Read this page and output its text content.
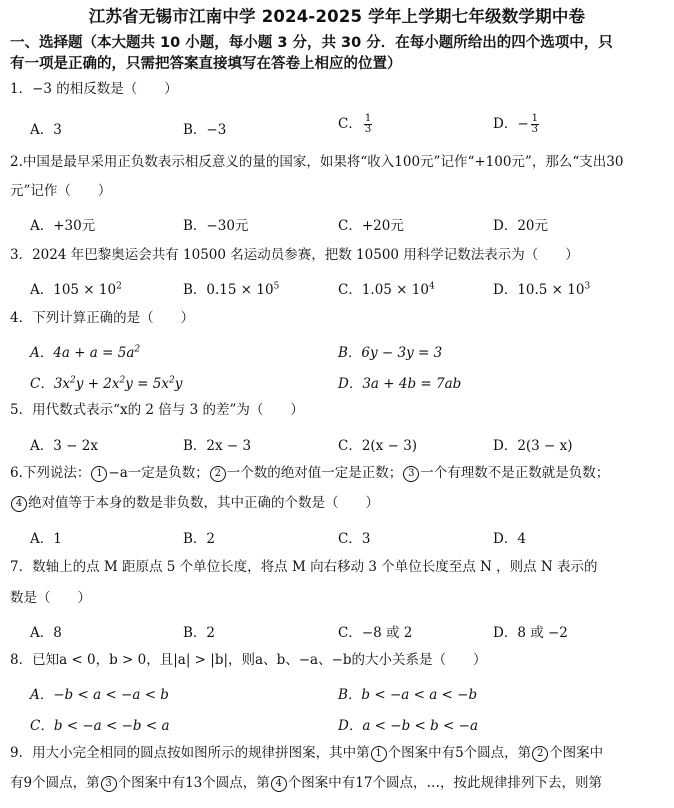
江苏省无锡市江南中学 2024-2025 学年上学期七年级数学期中卷
一、选择题（本大题共 10 小题，每小题 3 分，共 30 分．在每小题所给出的四个选项中，只
有一项是正确的，只需把答案直接填写在答卷上相应的位置）
1．−3 的相反数是（　　）
A．3	B．−3	C． $\frac{1}{3}$	D．− $\frac{1}{3}$
2.中国是最早采用正负数表示相反意义的量的国家，如果将“收入100元”记作“+100元”，那么“支出30
元”记作（　　）
A．+30元	B．−30元	C．+20元	D．20元
3．2024 年巴黎奥运会共有 10500 名运动员参赛，把数 10500 用科学记数法表示为（　　）
A．$105 \times 10^2$	B．$0.15 \times 10^5$	C．$1.05 \times 10^4$	D．$10.5 \times 10^3$
4．下列计算正确的是（　　）
A．$4a + a = 5a^2$	B．6y − 3y = 3
C．$3x^2y + 2x^2y = 5x^2y$	D．3a + 4b = 7ab
5．用代数式表示“x的 2 倍与 3 的差”为（　　）
A．3 − 2x	B．2x − 3	C．2(x − 3)	D．2(3 − x)
6.下列说法： 1 −a一定是负数； 2 一个数的绝对值一定是正数； 3 一个有理数不是正数就是负数；
4 绝对值等于本身的数是非负数，其中正确的个数是（　　）
A．1	B．2	C．3	D．4
7．数轴上的点 M 距原点 5 个单位长度，将点 M 向右移动 3 个单位长度至点 N ，则点 N 表示的
数是（　　）
A．8	B．2	C．−8 或 2	D．8 或 −2
8．已知a < 0，b > 0，且|a| > |b|，则a、b、−a、−b的大小关系是（　　）
A．−b < a < −a < b	B．b < −a < a < −b
C．b < −a < −b < a	D．a < −b < b < −a
9．用大小完全相同的圆点按如图所示的规律拼图案，其中第 1 个图案中有5个圆点，第 2 个图案中
有9个圆点，第 3 个图案中有13个圆点，第 4 个图案中有17个圆点，…，按此规律排列下去，则第
